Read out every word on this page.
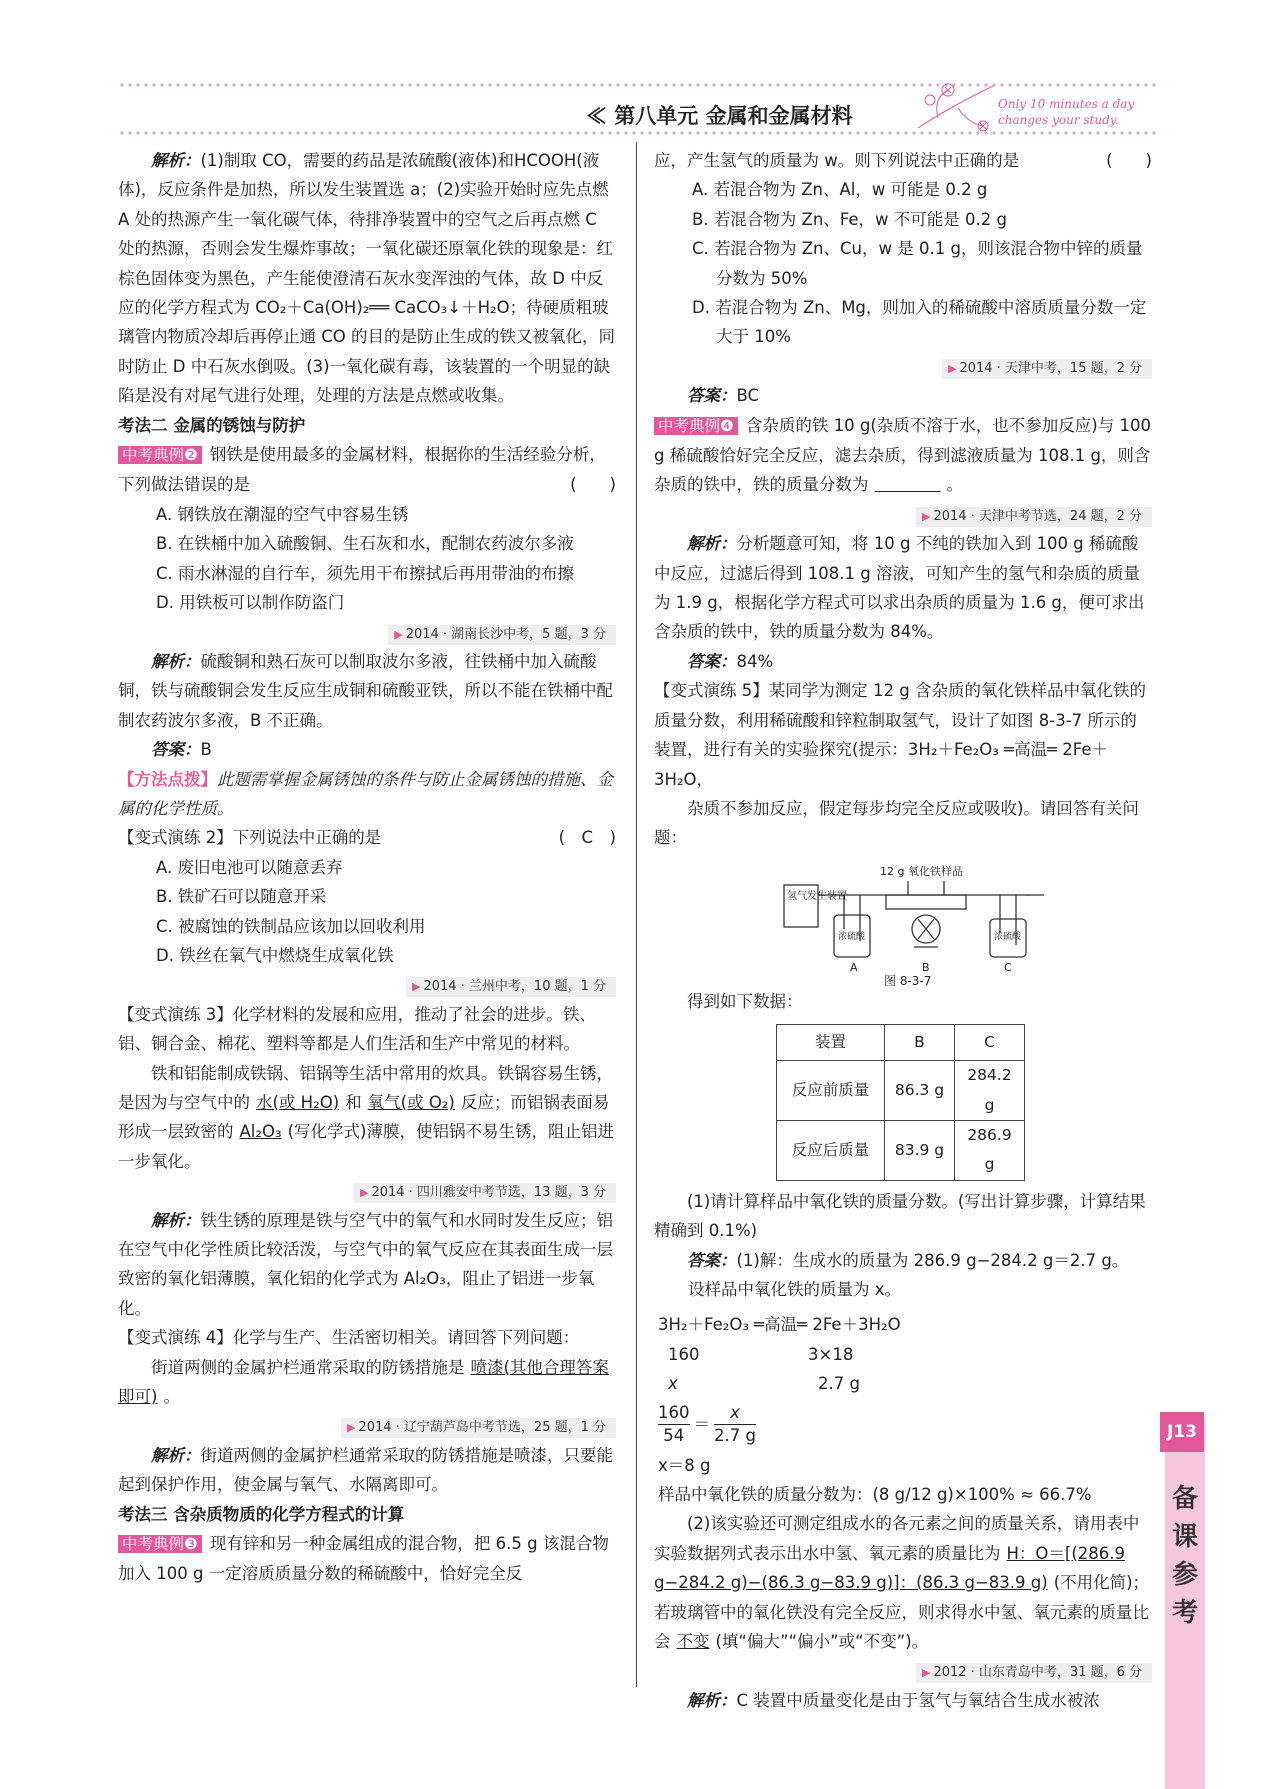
≪ 第八单元 金属和金属材料	Only 10 minutes a day
changes your study.

解析：(1)制取 CO，需要的药品是浓硫酸(液体)和HCOOH(液体)，反应条件是加热，所以发生装置选 a；(2)实验开始时应先点燃 A 处的热源产生一氧化碳气体，待排净装置中的空气之后再点燃 C 处的热源，否则会发生爆炸事故；一氧化碳还原氧化铁的现象是：红棕色固体变为黑色，产生能使澄清石灰水变浑浊的气体，故 D 中反应的化学方程式为 CO₂＋Ca(OH)₂══ CaCO₃↓＋H₂O；待硬质粗玻璃管内物质冷却后再停止通 CO 的目的是防止生成的铁又被氧化，同时防止 D 中石灰水倒吸。(3)一氧化碳有毒，该装置的一个明显的缺陷是没有对尾气进行处理，处理的方法是点燃或收集。

考法二 金属的锈蚀与防护

中考典例❷ 钢铁是使用最多的金属材料，根据你的生活经验分析，下列做法错误的是	(　　)

A. 钢铁放在潮湿的空气中容易生锈

B. 在铁桶中加入硫酸铜、生石灰和水，配制农药波尔多液

C. 雨水淋湿的自行车，须先用干布擦拭后再用带油的布擦

D. 用铁板可以制作防盗门

▶ 2014 · 湖南长沙中考，5 题，3 分

解析：硫酸铜和熟石灰可以制取波尔多液，往铁桶中加入硫酸铜，铁与硫酸铜会发生反应生成铜和硫酸亚铁，所以不能在铁桶中配制农药波尔多液，B 不正确。

答案：B

【方法点拨】此题需掌握金属锈蚀的条件与防止金属锈蚀的措施、金属的化学性质。

【变式演练 2】下列说法中正确的是	(　C　)

A. 废旧电池可以随意丢弃

B. 铁矿石可以随意开采

C. 被腐蚀的铁制品应该加以回收利用

D. 铁丝在氧气中燃烧生成氧化铁

▶ 2014 · 兰州中考，10 题，1 分

【变式演练 3】化学材料的发展和应用，推动了社会的进步。铁、铝、铜合金、棉花、塑料等都是人们生活和生产中常见的材料。

铁和铝能制成铁锅、铝锅等生活中常用的炊具。铁锅容易生锈，是因为与空气中的 水(或 H₂O) 和 氧气(或 O₂) 反应；而铝锅表面易形成一层致密的 Al₂O₃ (写化学式)薄膜，使铝锅不易生锈，阻止铝进一步氧化。

▶ 2014 · 四川雅安中考节选，13 题，3 分

解析：铁生锈的原理是铁与空气中的氧气和水同时发生反应；铝在空气中化学性质比较活泼，与空气中的氧气反应在其表面生成一层致密的氧化铝薄膜，氧化铝的化学式为 Al₂O₃，阻止了铝进一步氧化。

【变式演练 4】化学与生产、生活密切相关。请回答下列问题：

街道两侧的金属护栏通常采取的防锈措施是 喷漆(其他合理答案即可) 。

▶ 2014 · 辽宁葫芦岛中考节选，25 题，1 分

解析：街道两侧的金属护栏通常采取的防锈措施是喷漆，只要能起到保护作用，使金属与氧气、水隔离即可。

考法三 含杂质物质的化学方程式的计算

中考典例❸ 现有锌和另一种金属组成的混合物，把 6.5 g 该混合物加入 100 g 一定溶质质量分数的稀硫酸中，恰好完全反

应，产生氢气的质量为 w。则下列说法中正确的是	(　　)

A. 若混合物为 Zn、Al，w 可能是 0.2 g

B. 若混合物为 Zn、Fe，w 不可能是 0.2 g

C. 若混合物为 Zn、Cu，w 是 0.1 g，则该混合物中锌的质量分数为 50%

D. 若混合物为 Zn、Mg，则加入的稀硫酸中溶质质量分数一定大于 10%

▶ 2014 · 天津中考，15 题，2 分

答案：BC

中考典例❹ 含杂质的铁 10 g(杂质不溶于水，也不参加反应)与 100 g 稀硫酸恰好完全反应，滤去杂质，得到滤液质量为 108.1 g，则含杂质的铁中，铁的质量分数为　　　　	。

▶ 2014 · 天津中考节选，24 题，2 分

解析：分析题意可知，将 10 g 不纯的铁加入到 100 g 稀硫酸中反应，过滤后得到 108.1 g 溶液，可知产生的氢气和杂质的质量为 1.9 g，根据化学方程式可以求出杂质的质量为 1.6 g，便可求出含杂质的铁中，铁的质量分数为 84%。

答案：84%

【变式演练 5】某同学为测定 12 g 含杂质的氧化铁样品中氧化铁的质量分数，利用稀硫酸和锌粒制取氢气，设计了如图 8-3-7 所示的装置，进行有关的实验探究(提示：3H₂＋Fe₂O₃ ═高温═ 2Fe＋3H₂O，

杂质不参加反应，假定每步均完全反应或吸收)。请回答有关问题：

12 g 氧化铁样品
氢气发生装置
浓硫酸	浓硫酸
A	B	C
图 8-3-7

得到如下数据：

装置	B	C
反应前质量	86.3 g	284.2 g
反应后质量	83.9 g	286.9 g

(1)请计算样品中氧化铁的质量分数。(写出计算步骤，计算结果精确到 0.1%)

答案：(1)解：生成水的质量为 286.9 g−284.2 g＝2.7 g。

设样品中氧化铁的质量为 x。

3H₂＋Fe₂O₃ ═高温═ 2Fe＋3H₂O

160	3×18

x	2.7 g

$\frac{160}{54} = \frac{x}{2.7 g}$

x＝8 g

样品中氧化铁的质量分数为：(8 g/12 g)×100% ≈ 66.7%

(2)该实验还可测定组成水的各元素之间的质量关系，请用表中实验数据列式表示出水中氢、氧元素的质量比为 H：O＝[(286.9 g−284.2 g)−(86.3 g−83.9 g)]：(86.3 g−83.9 g) (不用化简)；若玻璃管中的氧化铁没有完全反应，则求得水中氢、氧元素的质量比会 不变 (填“偏大”“偏小”或“不变”)。

▶ 2012 · 山东青岛中考，31 题，6 分

解析：C 装置中质量变化是由于氢气与氧结合生成水被浓

J13
备课参考
